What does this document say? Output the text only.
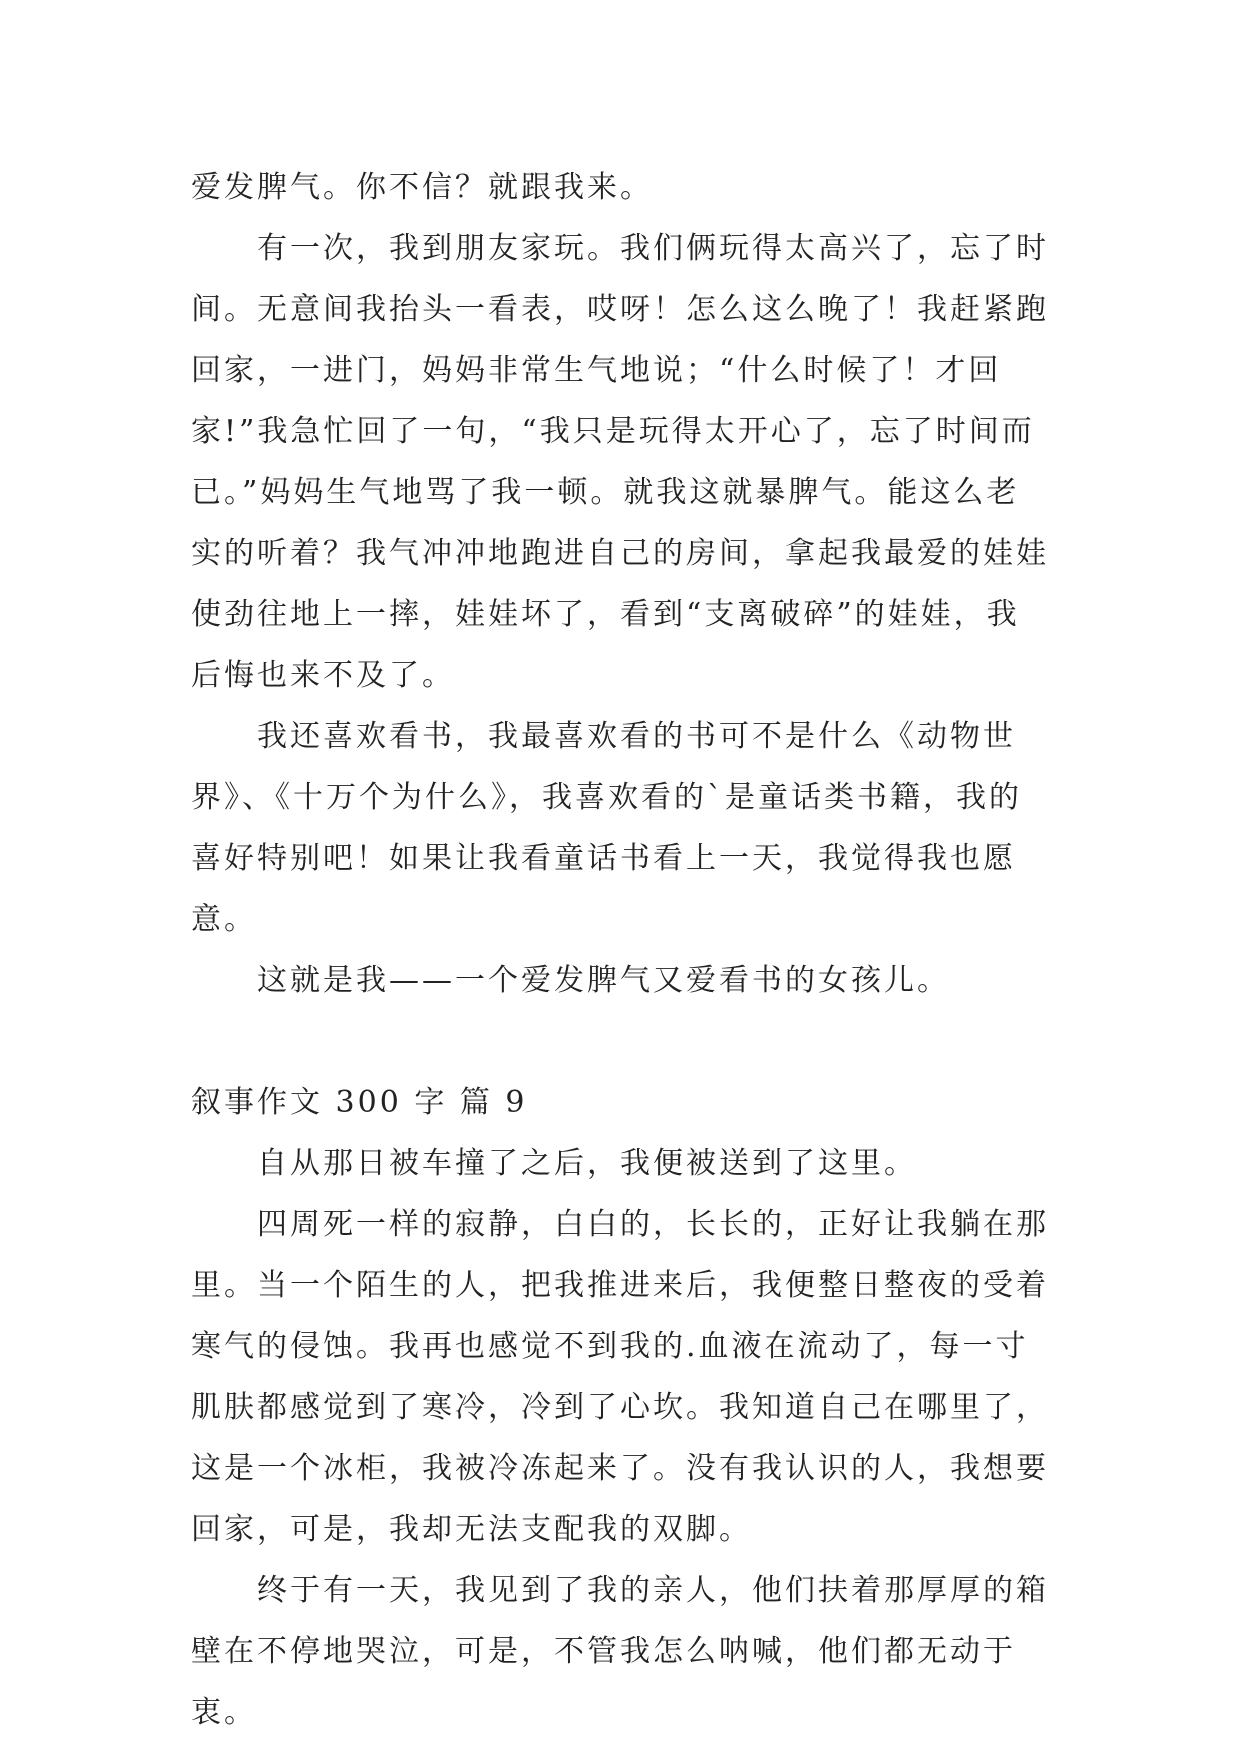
爱发脾气。你不信？就跟我来。

有一次，我到朋友家玩。我们俩玩得太高兴了，忘了时间。无意间我抬头一看表，哎呀！怎么这么晚了！我赶紧跑回家，一进门，妈妈非常生气地说；“什么时候了！才回家!”我急忙回了一句，“我只是玩得太开心了，忘了时间而已。”妈妈生气地骂了我一顿。就我这就暴脾气。能这么老实的听着？我气冲冲地跑进自己的房间，拿起我最爱的娃娃使劲往地上一摔，娃娃坏了，看到“支离破碎”的娃娃，我后悔也来不及了。

我还喜欢看书，我最喜欢看的书可不是什么《动物世界》、《十万个为什么》，我喜欢看的`是童话类书籍，我的喜好特别吧！如果让我看童话书看上一天，我觉得我也愿意。

这就是我——一个爱发脾气又爱看书的女孩儿。

叙事作文 300 字 篇 9

自从那日被车撞了之后，我便被送到了这里。

四周死一样的寂静，白白的，长长的，正好让我躺在那里。当一个陌生的人，把我推进来后，我便整日整夜的受着寒气的侵蚀。我再也感觉不到我的.血液在流动了，每一寸肌肤都感觉到了寒冷，冷到了心坎。我知道自己在哪里了，这是一个冰柜，我被冷冻起来了。没有我认识的人，我想要回家，可是，我却无法支配我的双脚。

终于有一天，我见到了我的亲人，他们扶着那厚厚的箱壁在不停地哭泣，可是，不管我怎么呐喊，他们都无动于衷。
